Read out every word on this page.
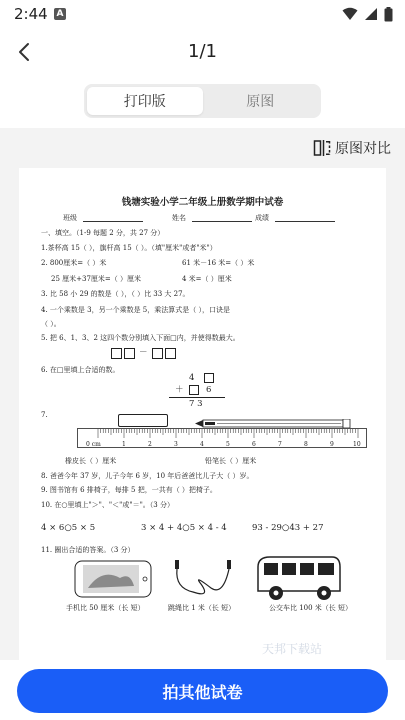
2:44 A
1/1
打印版	原图
原图对比
钱塘实验小学二年级上册数学期中试卷
班级	姓名	成绩
一、填空。（1-9 每题 2 分，共 27 分）
1.茶杯高 15（ ），旗杆高 15（ ）。（填"厘米"或者"米"）
2. 800厘米=（ ）米	61 米－16 米=（ ）米
25 厘米+37厘米=（ ）厘米	4 米=（ ）厘米
3. 比 58 小 29 的数是（ ），（ ）比 33 大 27。
4. 一个乘数是 3，另一个乘数是 5，乘法算式是（ ），口诀是
（ ）。
5. 把 6、1、3、2 这四个数分别填入下面□内，并使得数最大。
－
6. 在□里填上合适的数。
4
＋	6
7 3
7.
0 cm	1	2	3	4	5	6	7	8	9	10
橡皮长（ ）厘米	铅笔长（ ）厘米
8. 爸爸今年 37 岁，儿子今年 6 岁，10 年后爸爸比儿子大（ ）岁。
9. 图书馆有 6 排椅子，每排 5 把，一共有（ ）把椅子。
10. 在○里填上"＞"、"＜"或"＝"。（3 分）
4 × 6○5 × 5	3 × 4 + 4○5 × 4 - 4	93 - 29○43 + 27
11. 圈出合适的答案。（3 分）
手机比 50 厘米（长 短）	跳绳比 1 米（长 短）	公交车比 100 米（长 短）
天邦下载站
拍其他试卷
